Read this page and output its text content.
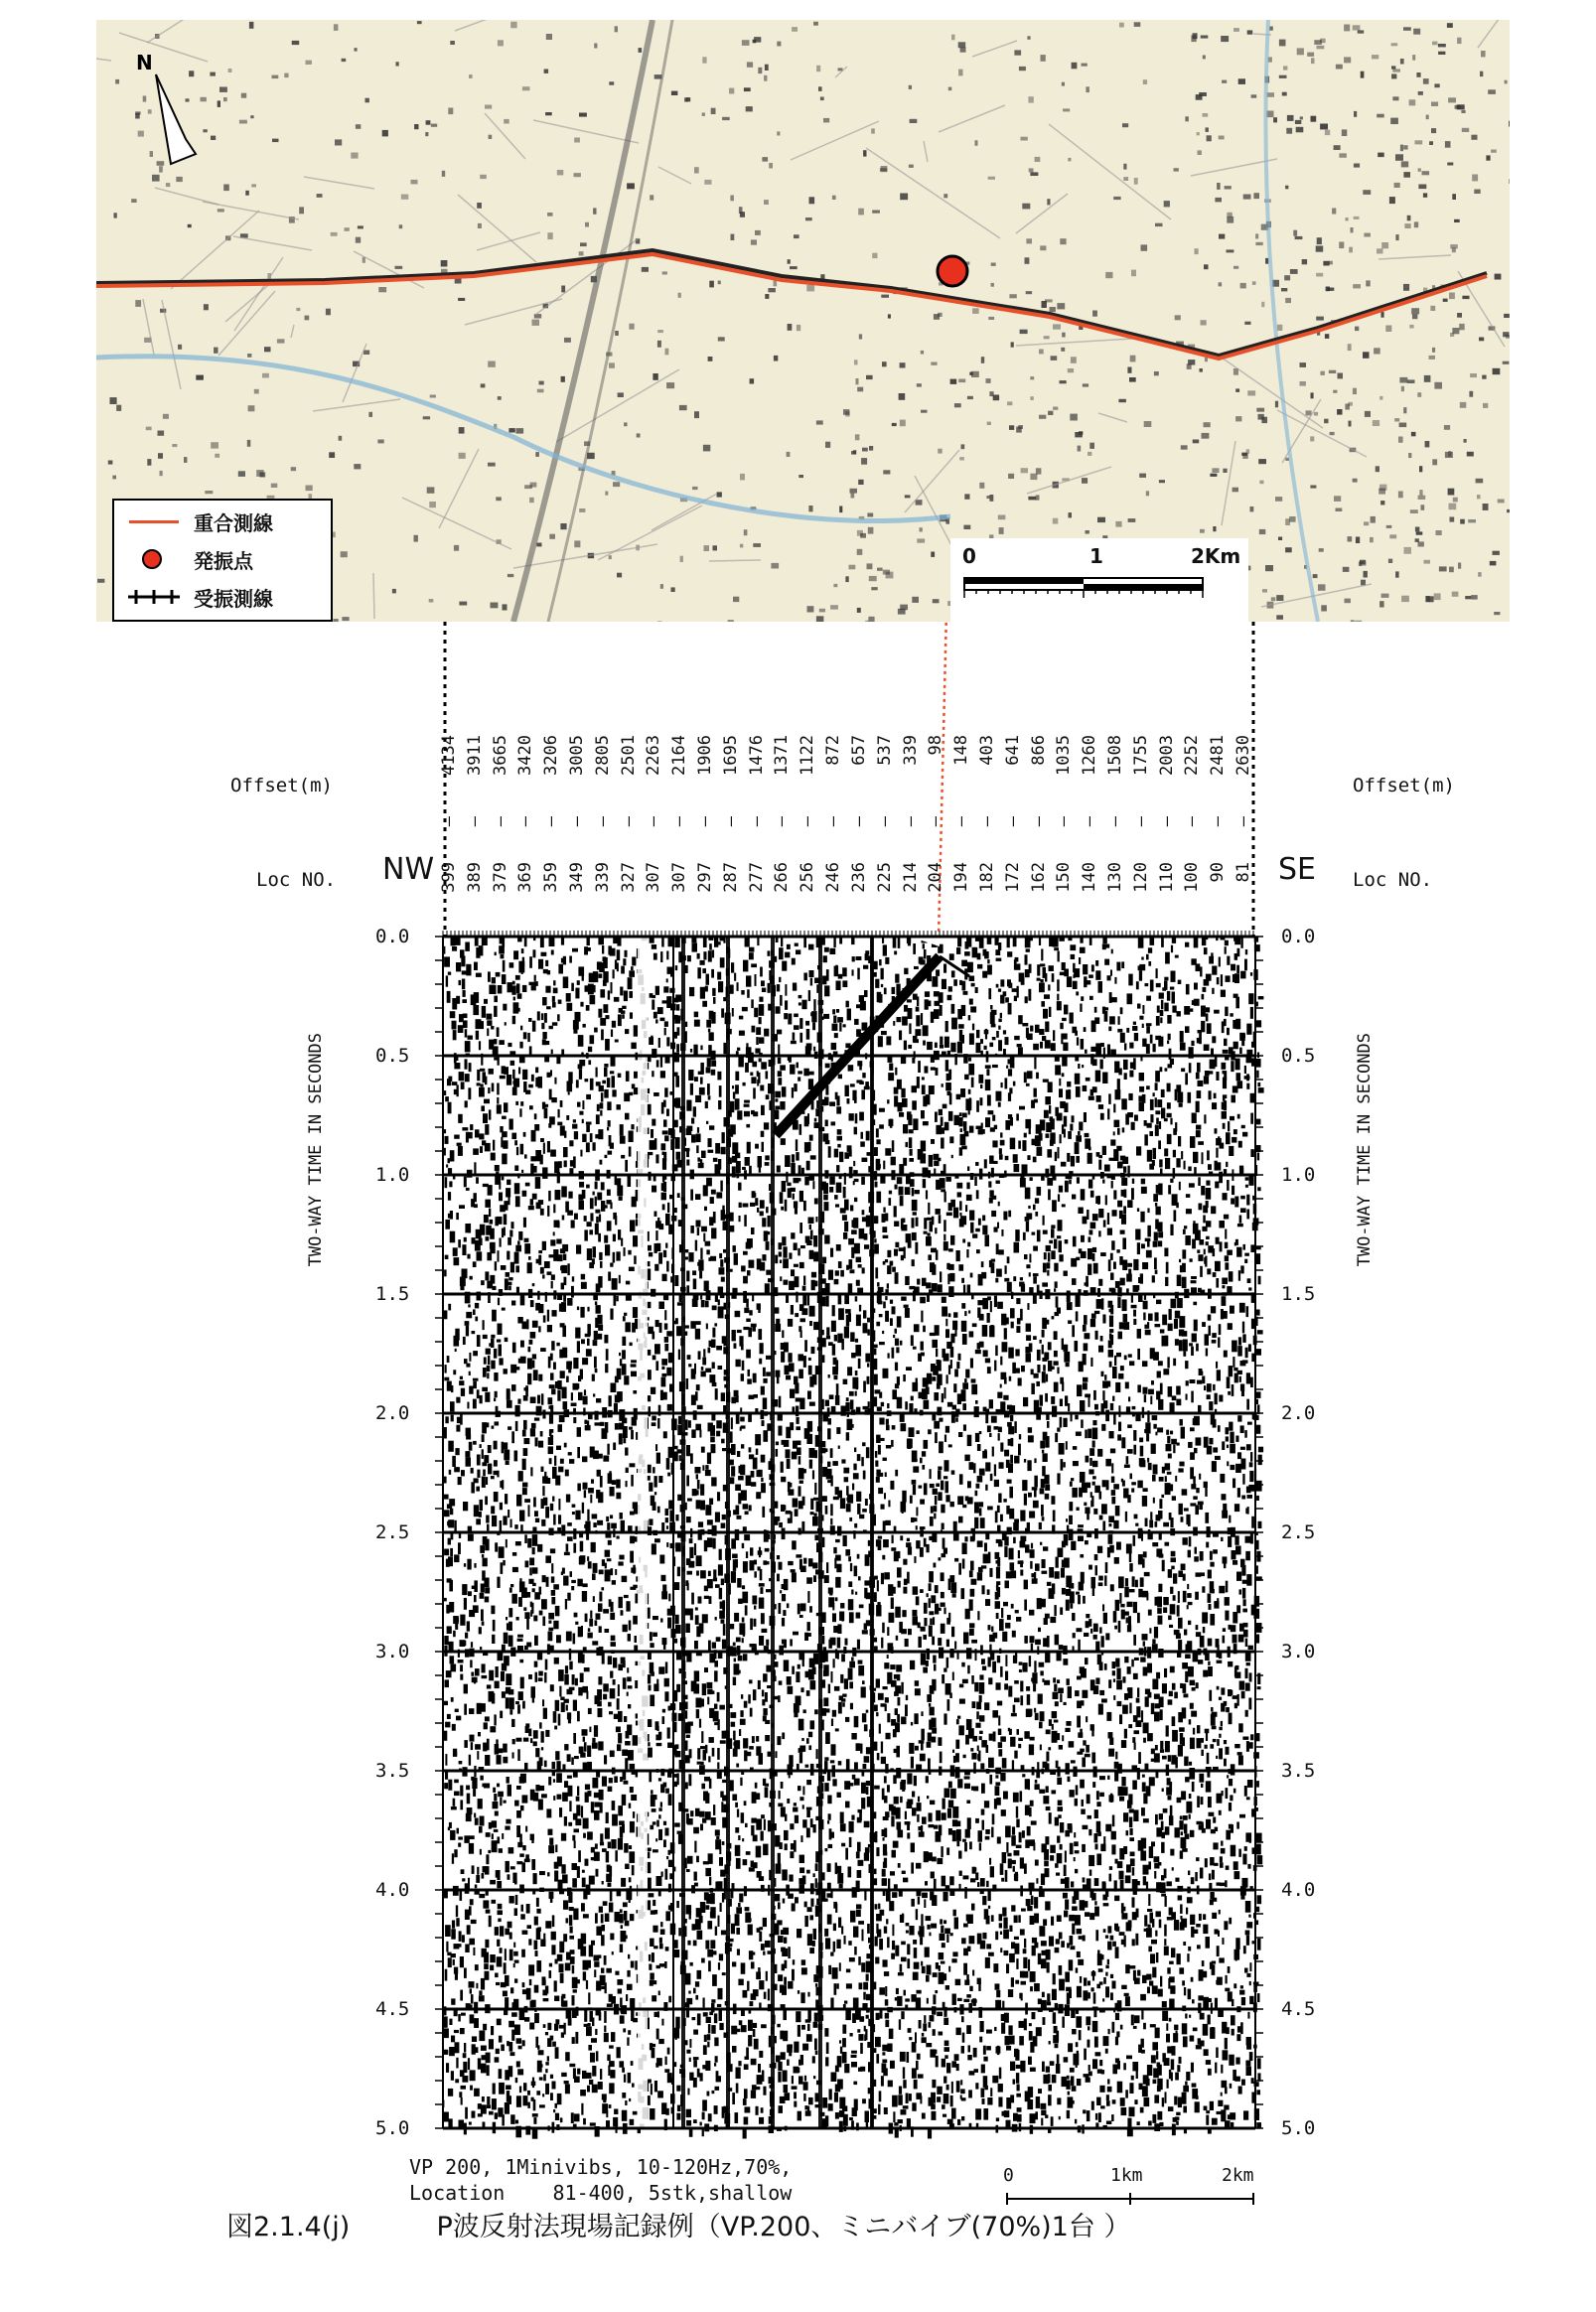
N
重合測線
発振点
受振測線
0	1	2Km
Offset(m)	Offset(m)
Loc NO.	Loc NO.
NW	SE
4134
—
399
3911
—
389
3665
—
379
3420
—
369
3206
—
359
3005
—
349
2805
—
339
2501
—
327
2263
—
307
2164
—
307
1906
—
297
1695
—
287
1476
—
277
1371
—
266
1122
—
256
872
—
246
657
—
236
537
—
225
339
—
214
98
—
204
148
—
194
403
—
182
641
—
172
866
—
162
1035
—
150
1260
—
140
1508
—
130
1755
—
120
2003
—
110
2252
—
100
2481
—
90
2630
—
81
TWO-WAY TIME IN SECONDS	TWO-WAY TIME IN SECONDS
0.0
0.5
1.0
1.5
2.0
2.5
3.0
3.5
4.0
4.5
5.0
0.0
0.5
1.0
1.5
2.0
2.5
3.0
3.5
4.0
4.5
5.0
VP 200, 1Minivibs, 10-120Hz,70%,
Location    81-400, 5stk,shallow
0	1km	2km
図2.1.4(j)	P波反射法現場記録例（VP.200、ミニバイブ(70%)1台 ）
